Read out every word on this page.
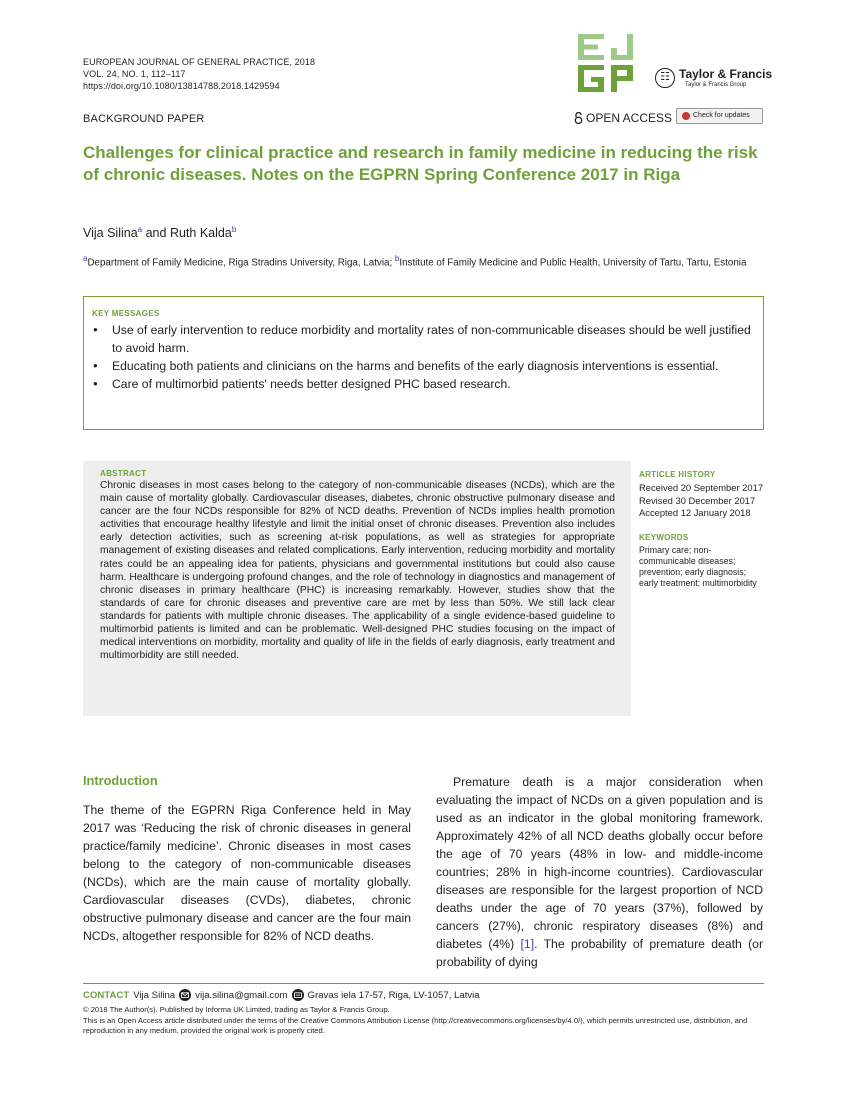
EUROPEAN JOURNAL OF GENERAL PRACTICE, 2018
VOL. 24, NO. 1, 112–117
https://doi.org/10.1080/13814788.2018.1429594
☷ Taylor & Francis
Taylor & Francis Group
BACKGROUND PAPER	OPEN ACCESS	Check for updates
Challenges for clinical practice and research in family medicine in reducing the risk of chronic diseases. Notes on the EGPRN Spring Conference 2017 in Riga
Vija Silina$^a$ and Ruth Kalda$^b$
$^a$Department of Family Medicine, Riga Stradins University, Riga, Latvia; $^b$Institute of Family Medicine and Public Health, University of Tartu, Tartu, Estonia
KEY MESSAGES
● Use of early intervention to reduce morbidity and mortality rates of non-communicable diseases should be well justified to avoid harm.
● Educating both patients and clinicians on the harms and benefits of the early diagnosis interventions is essential.
● Care of multimorbid patients' needs better designed PHC based research.
ABSTRACT
Chronic diseases in most cases belong to the category of non-communicable diseases (NCDs), which are the main cause of mortality globally. Cardiovascular diseases, diabetes, chronic obstructive pulmonary disease and cancer are the four NCDs responsible for 82% of NCD deaths. Prevention of NCDs implies health promotion activities that encourage healthy lifestyle and limit the initial onset of chronic diseases. Prevention also includes early detection activities, such as screening at-risk populations, as well as strategies for appropriate management of existing diseases and related complications. Early intervention, reducing morbidity and mortality rates could be an appealing idea for patients, physicians and governmental institutions but could also cause harm. Healthcare is undergoing profound changes, and the role of technology in diagnostics and management of chronic diseases in primary healthcare (PHC) is increasing remarkably. However, studies show that the standards of care for chronic diseases and preventive care are met by less than 50%. We still lack clear standards for patients with multiple chronic diseases. The applicability of a single evidence-based guideline to multimorbid patients is limited and can be problematic. Well-designed PHC studies focusing on the impact of medical interventions on morbidity, mortality and quality of life in the fields of early diagnosis, early treatment and multimorbidity are still needed.
ARTICLE HISTORY
Received 20 September 2017
Revised 30 December 2017
Accepted 12 January 2018
KEYWORDS
Primary care; non-communicable diseases; prevention; early diagnosis; early treatment; multimorbidity
Introduction
The theme of the EGPRN Riga Conference held in May 2017 was ‘Reducing the risk of chronic diseases in general practice/family medicine’. Chronic diseases in most cases belong to the category of non-communicable diseases (NCDs), which are the main cause of mortality globally. Cardiovascular diseases (CVDs), diabetes, chronic obstructive pulmonary disease and cancer are the four main NCDs, altogether responsible for 82% of NCD deaths.
Premature death is a major consideration when evaluating the impact of NCDs on a given population and is used as an indicator in the global monitoring framework. Approximately 42% of all NCD deaths globally occur before the age of 70 years (48% in low- and middle-income countries; 28% in high-income countries). Cardiovascular diseases are responsible for the largest proportion of NCD deaths under the age of 70 years (37%), followed by cancers (27%), chronic respiratory diseases (8%) and diabetes (4%) [1]. The probability of premature death (or probability of dying
CONTACT Vija Silina vija.silina@gmail.com Gravas iela 17-57, Riga, LV-1057, Latvia
© 2018 The Author(s). Published by Informa UK Limited, trading as Taylor & Francis Group.
This is an Open Access article distributed under the terms of the Creative Commons Attribution License (http://creativecommons.org/licenses/by/4.0/), which permits unrestricted use, distribution, and reproduction in any medium, provided the original work is properly cited.
